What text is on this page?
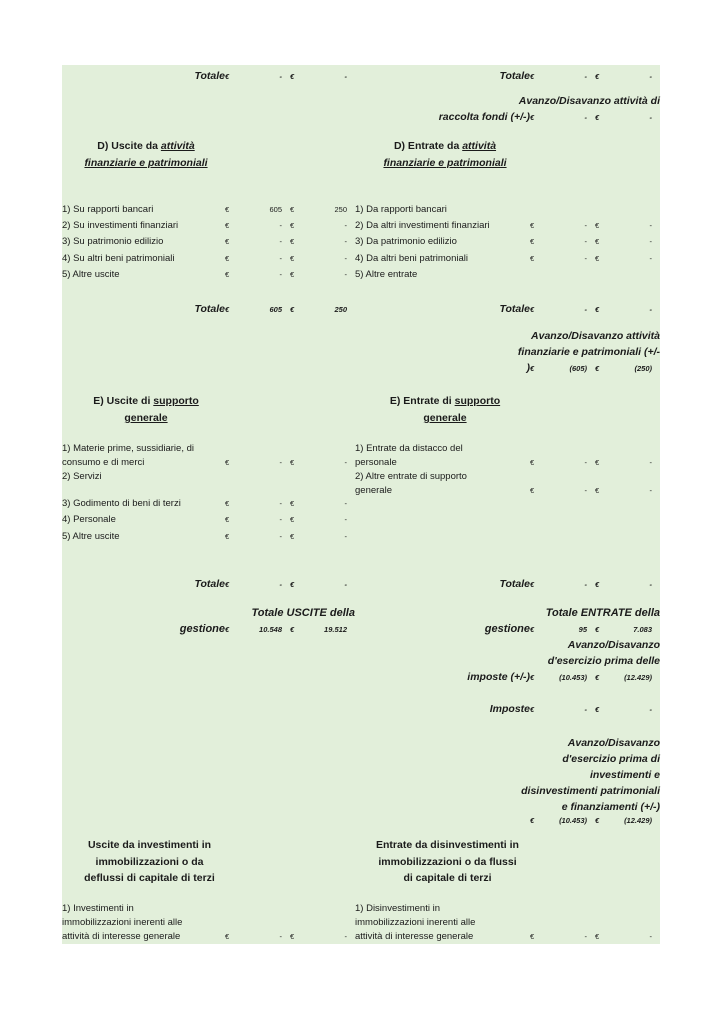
Totale €	- €	-	Totale €	- €	-
Avanzo/Disavanzo attività di
raccolta fondi (+/-) €	- €	-
D) Uscite da attività
finanziarie e patrimoniali
D) Entrate da attività
finanziarie e patrimoniali
1) Su rapporti bancari	€	605 €	250 1) Da rapporti bancari
2) Su investimenti finanziari	€	- €	- 2) Da altri investimenti finanziari	€	- €	-
3) Su patrimonio edilizio	€	- €	- 3) Da patrimonio edilizio	€	- €	-
4) Su altri beni patrimoniali	€	- €	- 4) Da altri beni patrimoniali	€	- €	-
5) Altre uscite	€	- €	- 5) Altre entrate
Totale €	605 €	250	Totale €	- €	-
Avanzo/Disavanzo attività
finanziarie e patrimoniali (+/-
) €	(605) €	(250)
E) Uscite di supporto
generale
E) Entrate di supporto
generale
1) Materie prime, sussidiarie, di
consumo e di merci	€	- €	-
2) Servizi
3) Godimento di beni di terzi	€	- €	-
4) Personale	€	- €	-
5) Altre uscite	€	- €	-
1) Entrate da distacco del
personale	€	- €	-
2) Altre entrate di supporto
generale	€	- €	-
Totale €	- €	-	Totale €	- €	-
Totale USCITE della
gestione €	10.548 €	19.512
Totale ENTRATE della
gestione €	95 €	7.083
Avanzo/Disavanzo
d'esercizio prima delle
imposte (+/-) €	(10.453) €	(12.429)
Imposte €	- €	-
Avanzo/Disavanzo
d'esercizio prima di
investimenti e
disinvestimenti patrimoniali
e finanziamenti (+/-)
€	(10.453) €	(12.429)
Uscite da investimenti in
immobilizzazioni o da
deflussi di capitale di terzi
Entrate da disinvestimenti in
immobilizzazioni o da flussi
di capitale di terzi
1) Investimenti in
immobilizzazioni inerenti alle
attività di interesse generale	€	- €	-
1) Disinvestimenti in
immobilizzazioni inerenti alle
attività di interesse generale	€	- €	-
